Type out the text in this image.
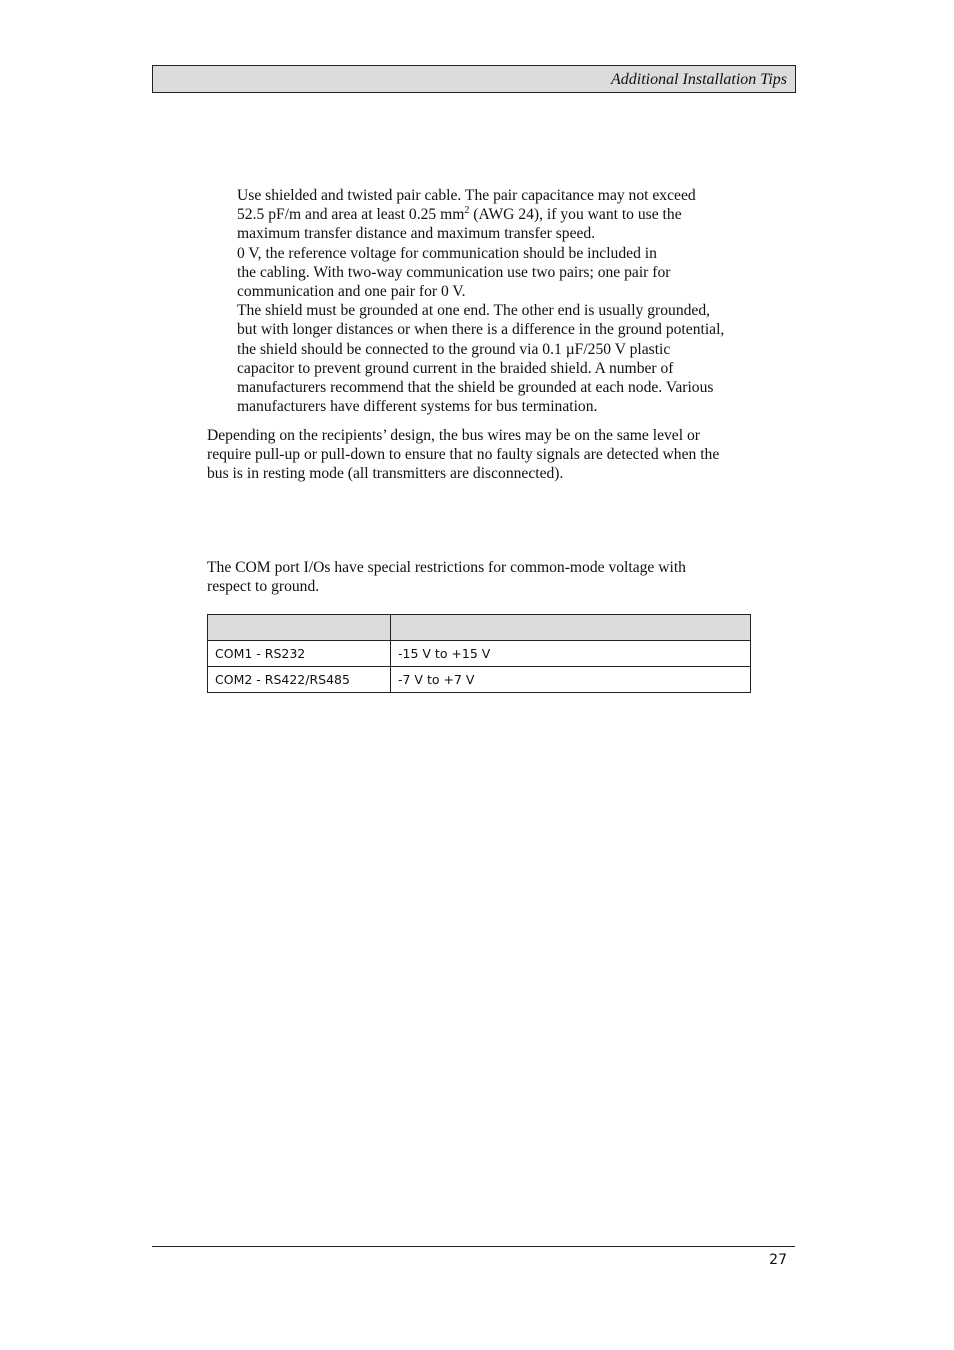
Additional Installation Tips

Use shielded and twisted pair cable. The pair capacitance may not exceed
52.5 pF/m and area at least 0.25 $mm^2$ (AWG 24), if you want to use the
maximum transfer distance and maximum transfer speed.

0 V, the reference voltage for communication should be included in
the cabling. With two-way communication use two pairs; one pair for
communication and one pair for 0 V.

The shield must be grounded at one end. The other end is usually grounded,
but with longer distances or when there is a difference in the ground potential,
the shield should be connected to the ground via 0.1 µF/250 V plastic
capacitor to prevent ground current in the braided shield. A number of
manufacturers recommend that the shield be grounded at each node. Various
manufacturers have different systems for bus termination.

Depending on the recipients’ design, the bus wires may be on the same level or
require pull-up or pull-down to ensure that no faulty signals are detected when the
bus is in resting mode (all transmitters are disconnected).

The COM port I/Os have special restrictions for common-mode voltage with
respect to ground.

COM1 - RS232	-15 V to +15 V
COM2 - RS422/RS485	-7 V to +7 V
27
